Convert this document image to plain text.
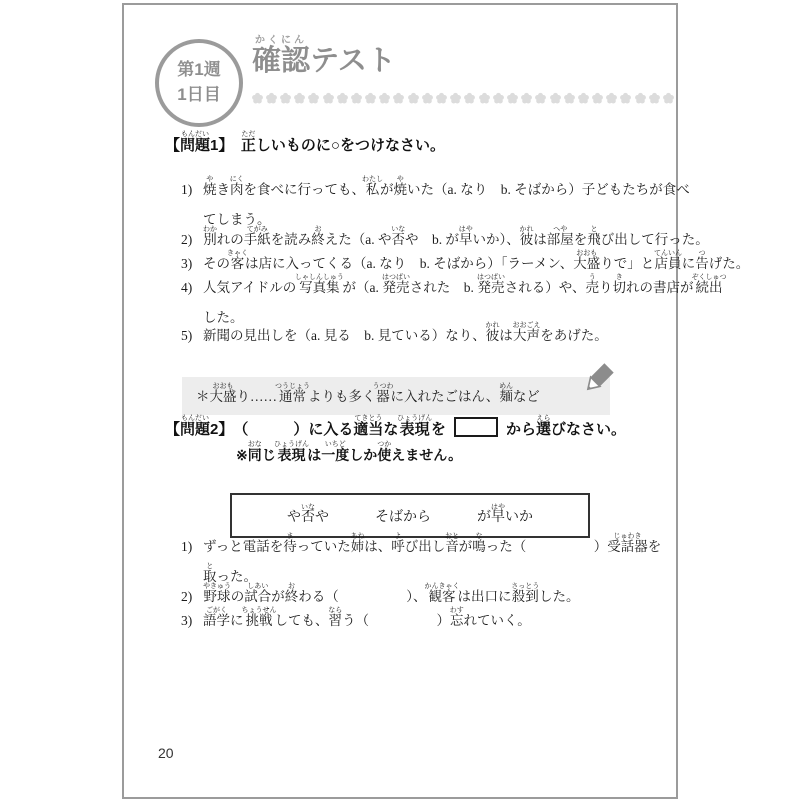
第1週
1日目
確認かくにんテスト
【問題もんだい1】　正ただしいものに○をつけなさい。
1) 焼やき肉にくを食べに行っても、私わたしが焼やいた（a. なり　b. そばから）子どもたちが食べ
てしまう。
2) 別わかれの手紙てがみを読み終おえた（a. や否いなや　b. が早はやいか）、彼かれは部屋へやを飛とび出して行った。
3) その客きゃくは店に入ってくる（a. なり　b. そばから）「ラーメン、大盛おおもりで」と店員てんいんに告つげた。
4) 人気アイドルの写真集しゃしんしゅうが（a. 発売はつばいされた　b. 発売はつばいされる）や、売うり切きれの書店が続出ぞくしゅつ
した。
5) 新聞の見出しを（a. 見る　b. 見ている）なり、彼かれは大声おおごえをあげた。
＊大盛おおもり……通常つうじょうよりも多く器うつわに入れたごはん、麺めんなど
【問題もんだい2】　（　　　）に入る適当てきとうな表現ひょうげんを	から選えらびなさい。
※同おなじ表現ひょうげんは一度いちどしか使つかえません。
や否いなや	そばから	が早はやいか
1) ずっと電話を待まっていた姉あねは、呼よび出し音おとが鳴なった（　　　　　）受話器じゅわきを
取とった。
2) 野球やきゅうの試合しあいが終おわる（　　　　　）、観客かんきゃくは出口に殺到さっとうした。
3) 語学ごがくに挑戦ちょうせんしても、習ならう（　　　　　）忘わすれていく。
20
